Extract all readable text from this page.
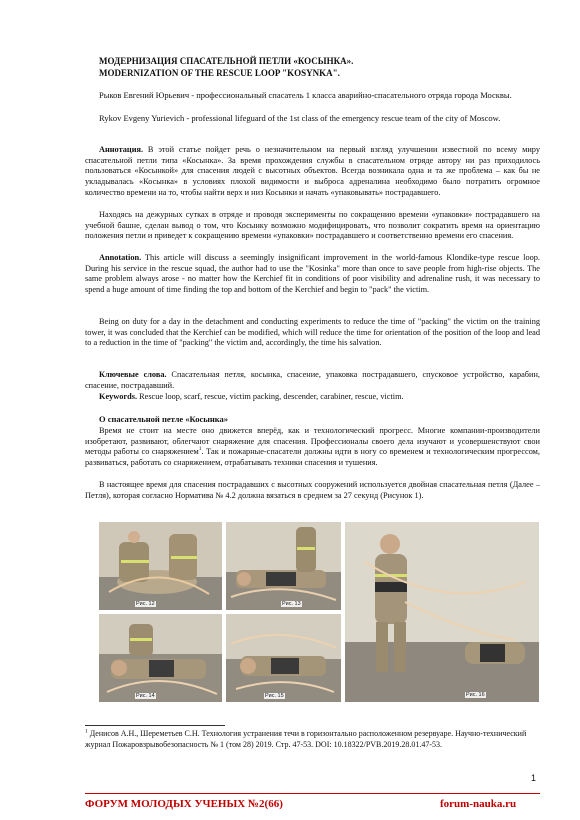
МОДЕРНИЗАЦИЯ СПАСАТЕЛЬНОЙ ПЕТЛИ «КОСЫНКА».
MODERNIZATION OF THE RESCUE LOOP "KOSYNKA".
Рыков Евгений Юрьевич - профессиональный спасатель 1 класса аварийно-спасательного отряда города Москвы.
Rykov Evgeny Yurievich - professional lifeguard of the 1st class of the emergency rescue team of the city of Moscow.
Аннотация. В этой статье пойдет речь о незначительном на первый взгляд улучшении известной по всему миру спасательной петли типа «Косынка». За время прохождения службы в спасательном отряде автору ни раз приходилось пользоваться «Косынкой» для спасения людей с высотных объектов. Всегда возникала одна и та же проблема – как бы не укладывалась «Косынка» в условиях плохой видимости и выброса адреналина необходимо было потратить огромное количество времени на то, чтобы найти верх и низ Косынки и начать «упаковывать» пострадавшего.
Находясь на дежурных сутках в отряде и проводя эксперименты по сокращению времени «упаковки» пострадавшего на учебной башне, сделан вывод о том, что Косынку возможно модифицировать, что позволит сократить время на ориентацию положения петли и приведет к сокращению времени «упаковки» пострадавшего и соответственно времени его спасения.
Annotation. This article will discuss a seemingly insignificant improvement in the world-famous Klondike-type rescue loop. During his service in the rescue squad, the author had to use the "Kosinka" more than once to save people from high-rise objects. The same problem always arose - no matter how the Kerchief fit in conditions of poor visibility and adrenaline rush, it was necessary to spend a huge amount of time finding the top and bottom of the Kerchief and begin to "pack" the victim.
Being on duty for a day in the detachment and conducting experiments to reduce the time of "packing" the victim on the training tower, it was concluded that the Kerchief can be modified, which will reduce the time for orientation of the position of the loop and lead to a reduction in the time of "packing" the victim and, accordingly, the time his salvation.
Ключевые слова. Спасательная петля, косынка, спасение, упаковка пострадавшего, спусковое устройство, карабин, спасение, пострадавший.
Keywords. Rescue loop, scarf, rescue, victim packing, descender, carabiner, rescue, victim.
О спасательной петле «Косынка»
Время не стоит на месте оно движется вперёд, как и технологический прогресс. Многие компании-производители изобретают, развивают, облегчают снаряжение для спасения. Профессионалы своего дела изучают и усовершенствуют свои методы работы со снаряжением$^1$. Так и пожарные-спасатели должны идти в ногу со временем и технологическим прогрессом, развиваться, работать со снаряжением, отрабатывать техники спасения и тушения.
В настоящее время для спасения пострадавших с высотных сооружений используется двойная спасательная петля (Далее – Петля), которая согласно Норматива № 4.2 должна вязаться в среднем за 27 секунд (Рисунок 1).
Рис. 12	Рис. 13
Рис. 14	Рис. 15	Рис. 16
$^1$ Денисов А.Н., Шереметьев С.Н. Технология устранения течи в горизонтально расположенном резервуаре. Научно-технический журнал Пожаровзрывобезопасность № 1 (том 28) 2019. Стр. 47-53. DOI: 10.18322/PVB.2019.28.01.47-53.
1
ФОРУМ МОЛОДЫХ УЧЕНЫХ №2(66)	forum-nauka.ru
